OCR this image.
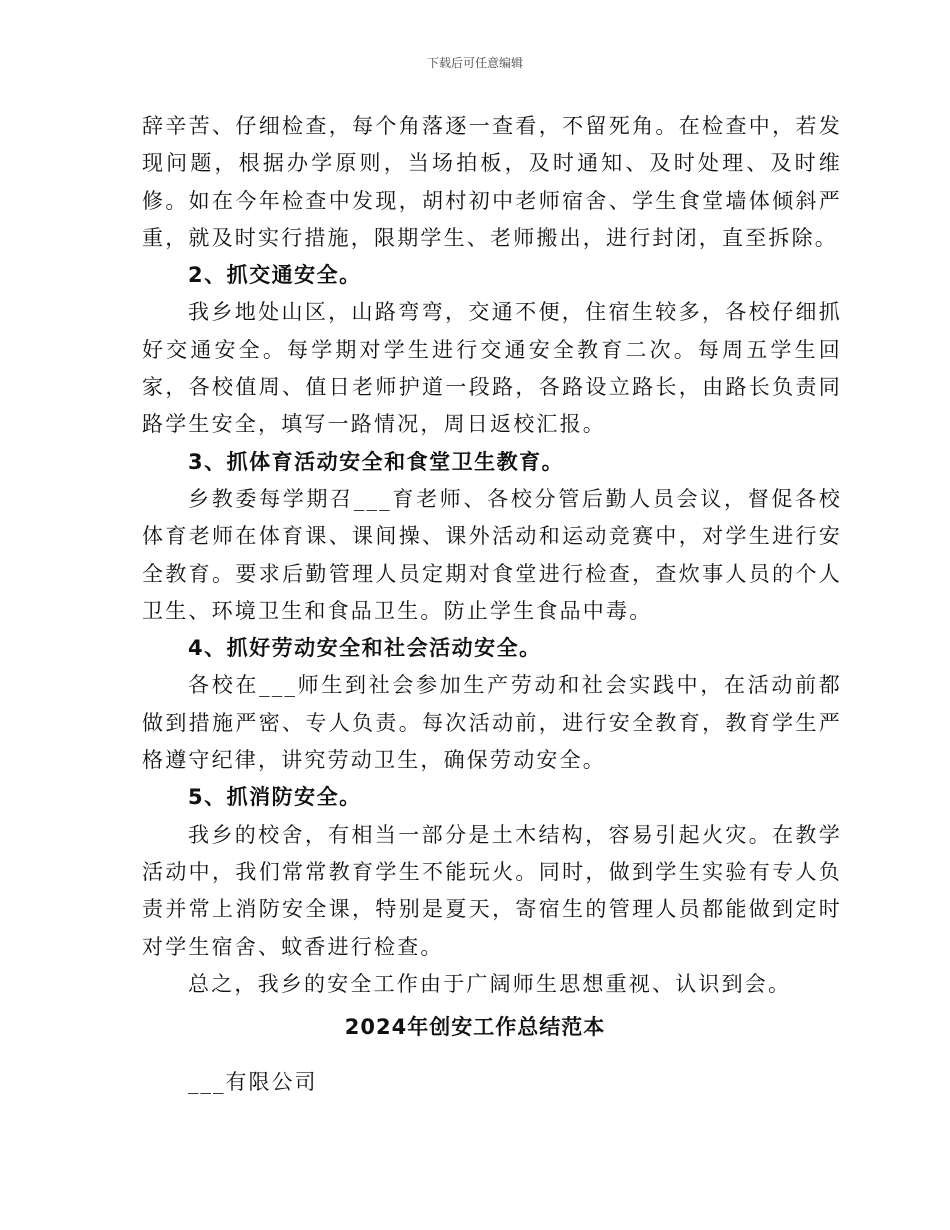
下载后可任意编辑

辞辛苦、仔细检查，每个角落逐一查看，不留死角。在检查中，若发现问题，根据办学原则，当场拍板，及时通知、及时处理、及时维修。如在今年检查中发现，胡村初中老师宿舍、学生食堂墙体倾斜严重，就及时实行措施，限期学生、老师搬出，进行封闭，直至拆除。

2、抓交通安全。

我乡地处山区，山路弯弯，交通不便，住宿生较多，各校仔细抓好交通安全。每学期对学生进行交通安全教育二次。每周五学生回家，各校值周、值日老师护道一段路，各路设立路长，由路长负责同路学生安全，填写一路情况，周日返校汇报。

3、抓体育活动安全和食堂卫生教育。

乡教委每学期召___育老师、各校分管后勤人员会议，督促各校体育老师在体育课、课间操、课外活动和运动竞赛中，对学生进行安全教育。要求后勤管理人员定期对食堂进行检查，查炊事人员的个人卫生、环境卫生和食品卫生。防止学生食品中毒。

4、抓好劳动安全和社会活动安全。

各校在___师生到社会参加生产劳动和社会实践中，在活动前都做到措施严密、专人负责。每次活动前，进行安全教育，教育学生严格遵守纪律，讲究劳动卫生，确保劳动安全。

5、抓消防安全。

我乡的校舍，有相当一部分是土木结构，容易引起火灾。在教学活动中，我们常常教育学生不能玩火。同时，做到学生实验有专人负责并常上消防安全课，特别是夏天，寄宿生的管理人员都能做到定时对学生宿舍、蚊香进行检查。

总之，我乡的安全工作由于广阔师生思想重视、认识到会。

2024年创安工作总结范本
___有限公司
